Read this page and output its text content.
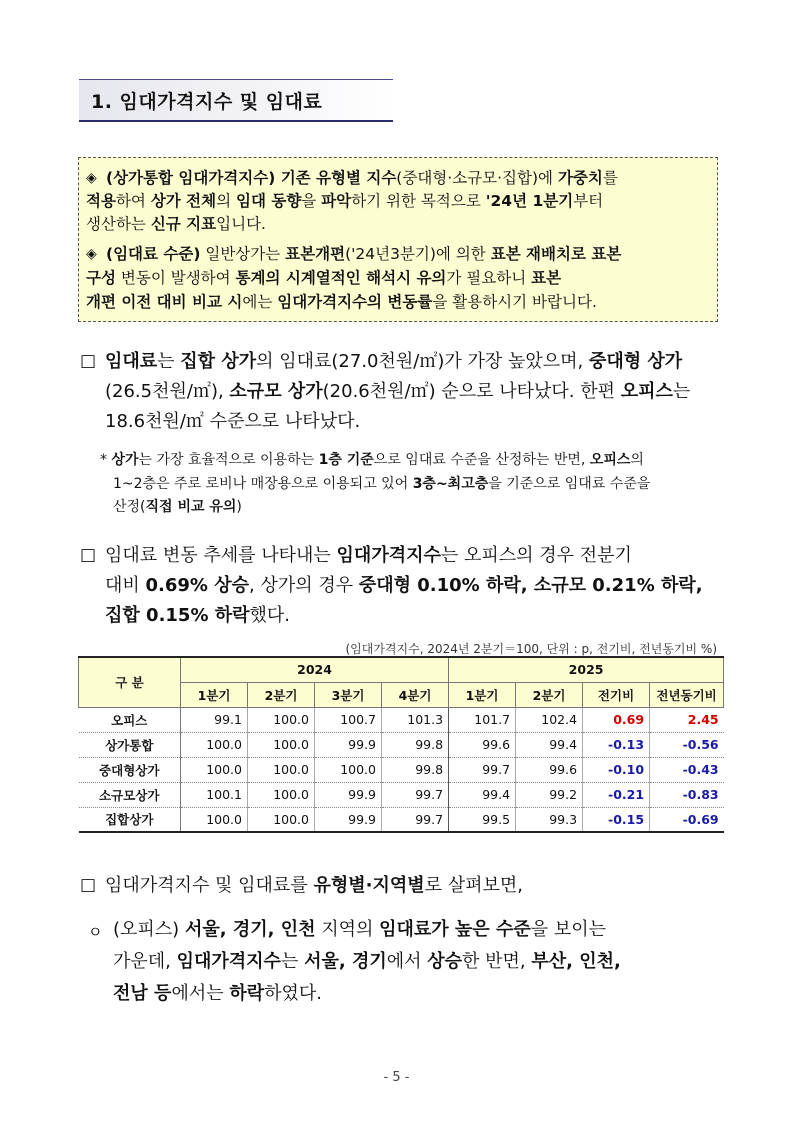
1. 임대가격지수 및 임대료
◈ (상가통합 임대가격지수) 기존 유형별 지수(중대형·소규모·집합)에 가중치를
적용하여 상가 전체의 임대 동향을 파악하기 위한 목적으로 '24년 1분기부터
생산하는 신규 지표입니다.
◈ (임대료 수준) 일반상가는 표본개편('24년3분기)에 의한 표본 재배치로 표본
구성 변동이 발생하여 통계의 시계열적인 해석시 유의가 필요하니 표본
개편 이전 대비 비교 시에는 임대가격지수의 변동률을 활용하시기 바랍니다.
□ 임대료는 집합 상가의 임대료(27.0천원/㎡)가 가장 높았으며, 중대형 상가
(26.5천원/㎡), 소규모 상가(20.6천원/㎡) 순으로 나타났다. 한편 오피스는
18.6천원/㎡ 수준으로 나타났다.
* 상가는 가장 효율적으로 이용하는 1층 기준으로 임대료 수준을 산정하는 반면, 오피스의
1~2층은 주로 로비나 매장용으로 이용되고 있어 3층~최고층을 기준으로 임대료 수준을
산정(직접 비교 유의)
□ 임대료 변동 추세를 나타내는 임대가격지수는 오피스의 경우 전분기
대비 0.69% 상승, 상가의 경우 중대형 0.10% 하락, 소규모 0.21% 하락,
집합 0.15% 하락했다.
(임대가격지수, 2024년 2분기＝100, 단위 : p, 전기비, 전년동기비 %)
구 분	2024				2025			
	1분기	2분기	3분기	4분기	1분기	2분기	전기비	전년동기비
오피스	99.1	100.0	100.7	101.3	101.7	102.4	0.69	2.45
상가통합	100.0	100.0	99.9	99.8	99.6	99.4	-0.13	-0.56
중대형상가	100.0	100.0	100.0	99.8	99.7	99.6	-0.10	-0.43
소규모상가	100.1	100.0	99.9	99.7	99.4	99.2	-0.21	-0.83
집합상가	100.0	100.0	99.9	99.7	99.5	99.3	-0.15	-0.69
□ 임대가격지수 및 임대료를 유형별·지역별로 살펴보면,
ㅇ (오피스) 서울, 경기, 인천 지역의 임대료가 높은 수준을 보이는
가운데, 임대가격지수는 서울, 경기에서 상승한 반면, 부산, 인천,
전남 등에서는 하락하였다.
- 5 -
